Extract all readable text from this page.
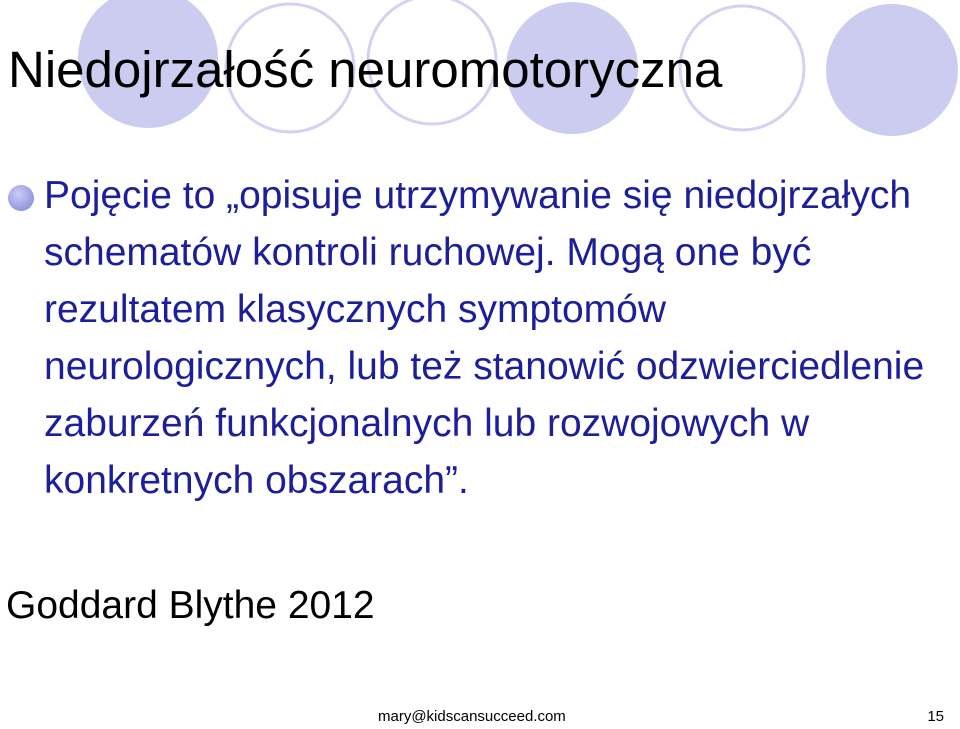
Niedojrzałość neuromotoryczna

Pojęcie to „opisuje utrzymywanie się niedojrzałych schematów kontroli ruchowej. Mogą one być rezultatem klasycznych symptomów neurologicznych, lub też stanowić odzwierciedlenie zaburzeń funkcjonalnych lub rozwojowych w konkretnych obszarach”.

Goddard Blythe 2012

mary@kidscansucceed.com	15
